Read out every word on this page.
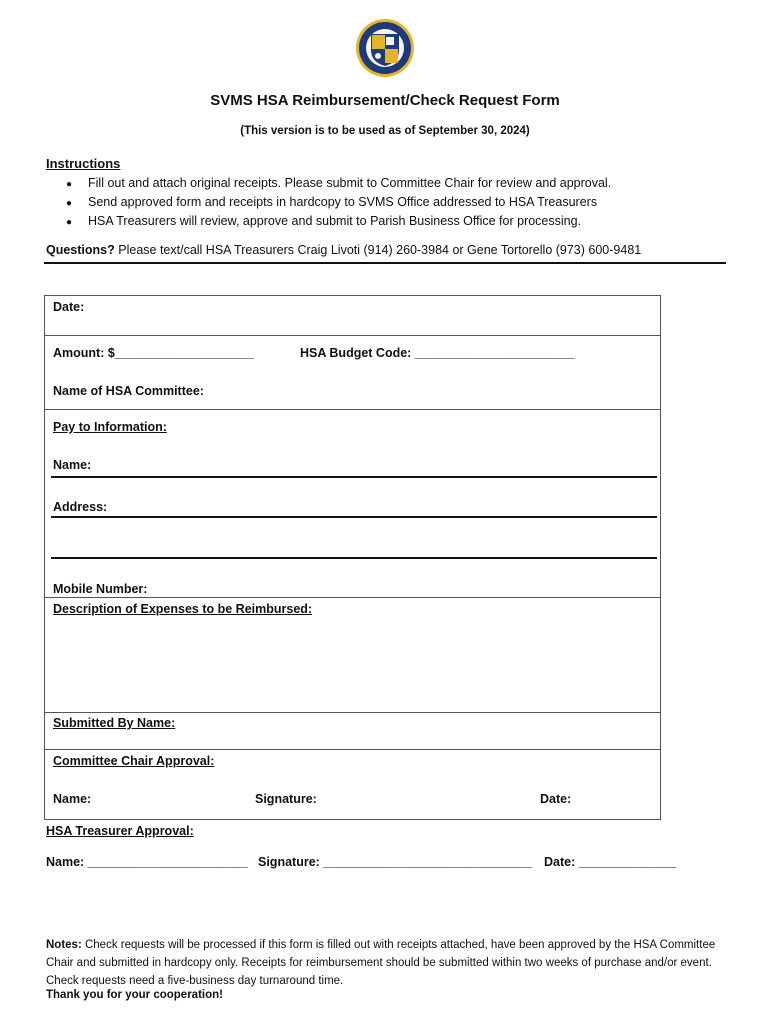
SVMS HSA Reimbursement/Check Request Form
(This version is to be used as of September 30, 2024)
Instructions
● Fill out and attach original receipts. Please submit to Committee Chair for review and approval.
● Send approved form and receipts in hardcopy to SVMS Office addressed to HSA Treasurers
● HSA Treasurers will review, approve and submit to Parish Business Office for processing.
Questions? Please text/call HSA Treasurers Craig Livoti (914) 260-3984 or Gene Tortorello (973) 600-9481
Date:
Amount: $____________________	HSA Budget Code: _______________________
Name of HSA Committee:
Pay to Information:
Name:
Address:
Mobile Number:
Description of Expenses to be Reimbursed:
Submitted By Name:
Committee Chair Approval:
Name:	Signature:	Date:
HSA Treasurer Approval:
Name: _______________________ Signature: ______________________________ Date: ______________
Notes: Check requests will be processed if this form is filled out with receipts attached, have been approved by the HSA Committee Chair and submitted in hardcopy only. Receipts for reimbursement should be submitted within two weeks of purchase and/or event. Check requests need a five-business day turnaround time.
Thank you for your cooperation!
